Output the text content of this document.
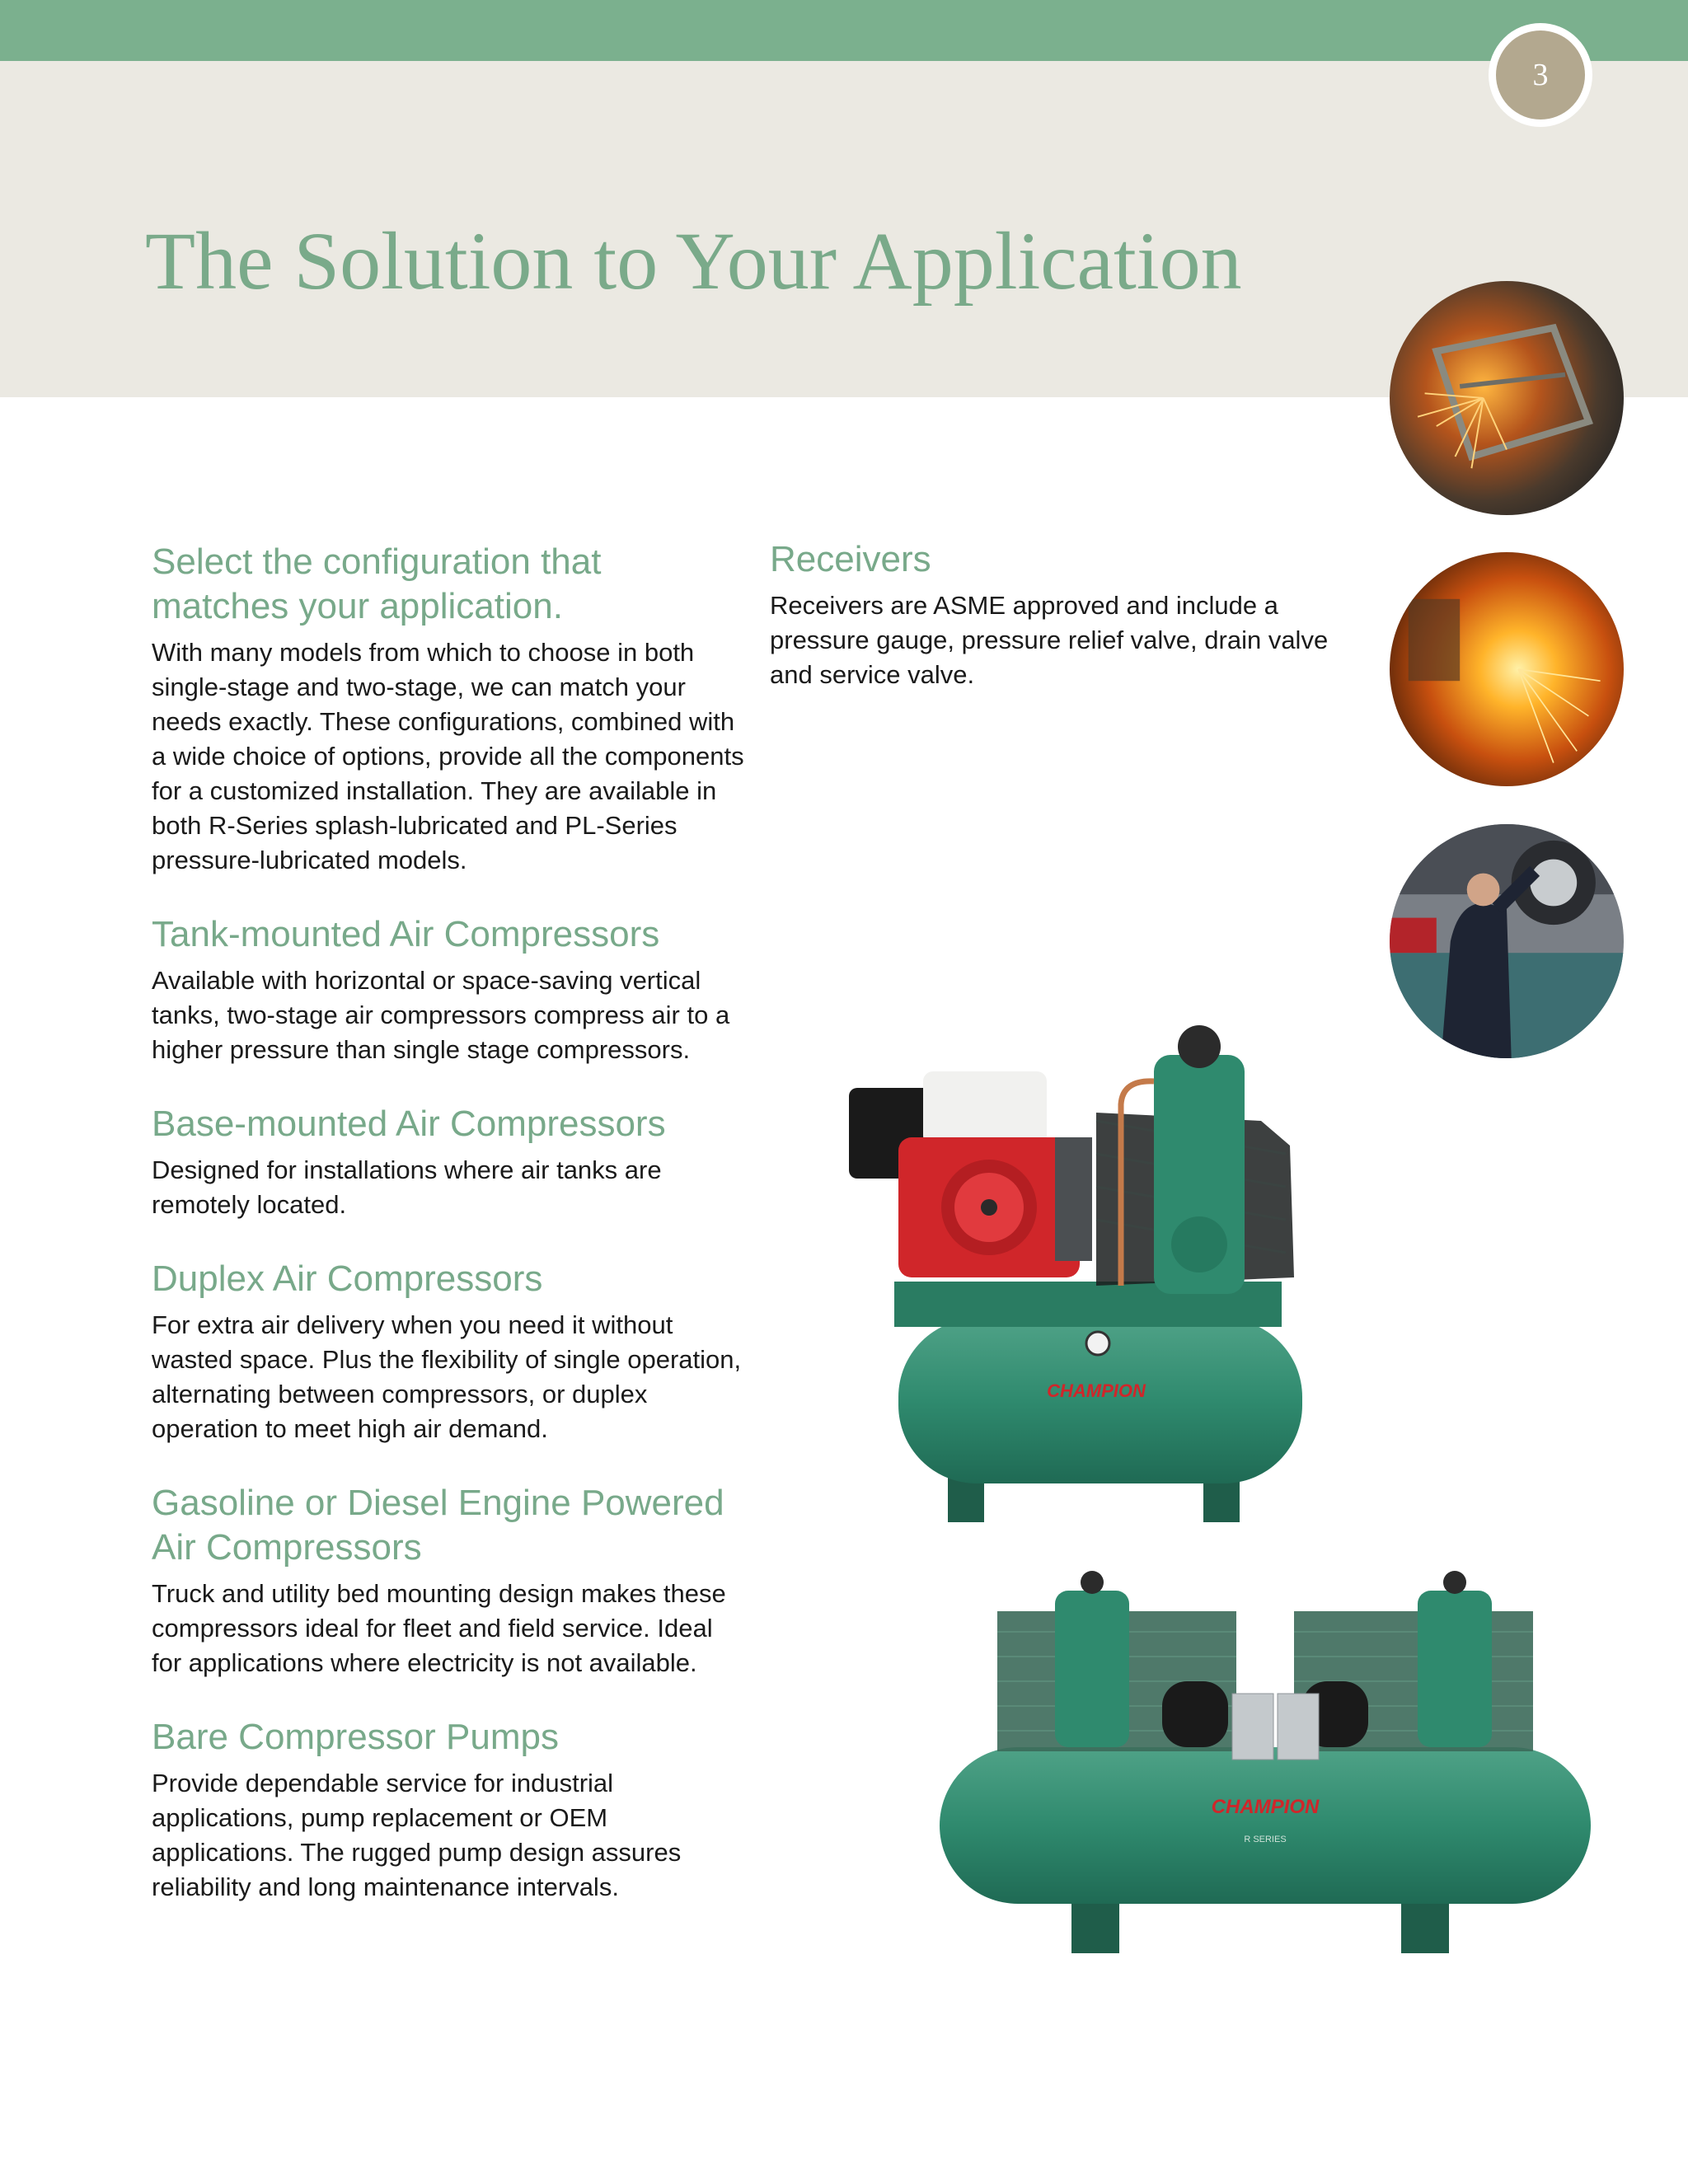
3
The Solution to Your Application
Select the configuration that matches your application.

With many models from which to choose in both single-stage and two-stage, we can match your needs exactly. These configurations, combined with a wide choice of options, provide all the components for a customized installation. They are available in both R-Series splash-lubricated and PL-Series pressure-lubricated models.

Tank-mounted Air Compressors

Available with horizontal or space-saving vertical tanks, two-stage air compressors compress air to a higher pressure than single stage compressors.

Base-mounted Air Compressors

Designed for installations where air tanks are remotely located.

Duplex Air Compressors

For extra air delivery when you need it without wasted space. Plus the flexibility of single operation, alternating between compressors, or duplex operation to meet high air demand.

Gasoline or Diesel Engine Powered Air Compressors

Truck and utility bed mounting design makes these compressors ideal for fleet and field service. Ideal for applications where electricity is not available.

Bare Compressor Pumps

Provide dependable service for industrial applications, pump replacement or OEM applications. The rugged pump design assures reliability and long maintenance intervals.

Receivers

Receivers are ASME approved and include a pressure gauge, pressure relief valve, drain valve and service valve.

CHAMPION
CHAMPION
R SERIES
